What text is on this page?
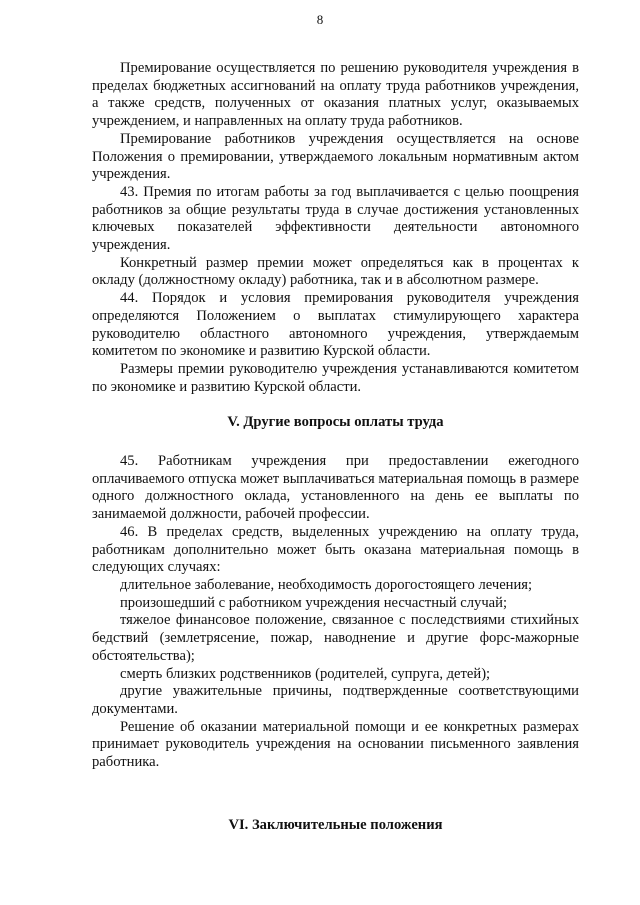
8

Премирование осуществляется по решению руководителя учреждения в пределах бюджетных ассигнований на оплату труда работников учреждения, а также средств, полученных от оказания платных услуг, оказываемых учреждением, и направленных на оплату труда работников.

Премирование работников учреждения осуществляется на основе Положения о премировании, утверждаемого локальным нормативным актом учреждения.

43. Премия по итогам работы за год выплачивается с целью поощрения работников за общие результаты труда в случае достижения установленных ключевых показателей эффективности деятельности автономного учреждения.

Конкретный размер премии может определяться как в процентах к окладу (должностному окладу) работника, так и в абсолютном размере.

44. Порядок и условия премирования руководителя учреждения определяются Положением о выплатах стимулирующего характера руководителю областного автономного учреждения, утверждаемым комитетом по экономике и развитию Курской области.

Размеры премии руководителю учреждения устанавливаются комитетом по экономике и развитию Курской области.

V. Другие вопросы оплаты труда

45. Работникам учреждения при предоставлении ежегодного оплачиваемого отпуска может выплачиваться материальная помощь в размере одного должностного оклада, установленного на день ее выплаты по занимаемой должности, рабочей профессии.

46. В пределах средств, выделенных учреждению на оплату труда, работникам дополнительно может быть оказана материальная помощь в следующих случаях:

длительное заболевание, необходимость дорогостоящего лечения;

произошедший с работником учреждения несчастный случай;

тяжелое финансовое положение, связанное с последствиями стихийных бедствий (землетрясение, пожар, наводнение и другие форс-мажорные обстоятельства);

смерть близких родственников (родителей, супруга, детей);

другие уважительные причины, подтвержденные соответствующими документами.

Решение об оказании материальной помощи и ее конкретных размерах принимает руководитель учреждения на основании письменного заявления работника.

VI. Заключительные положения
